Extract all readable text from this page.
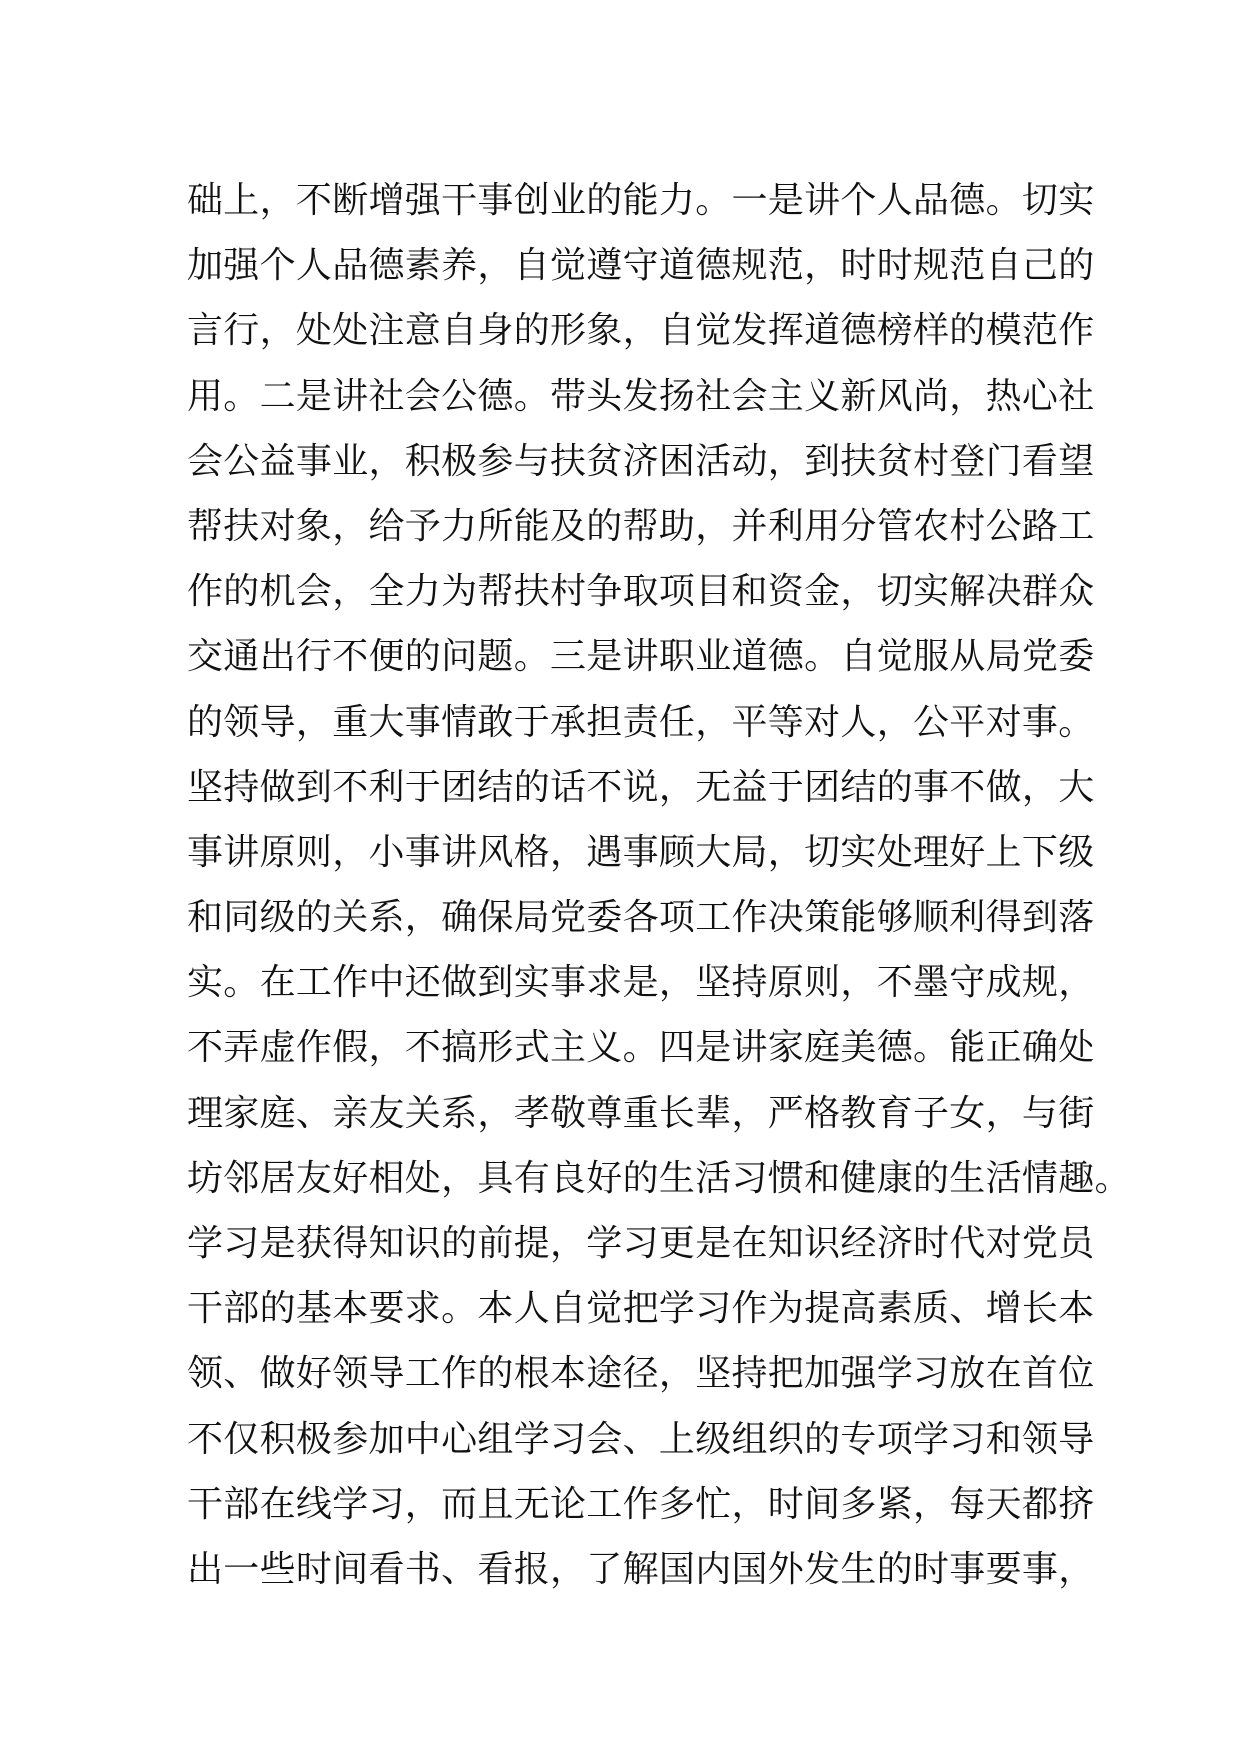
础上，不断增强干事创业的能力。一是讲个人品德。切实
加强个人品德素养，自觉遵守道德规范，时时规范自己的
言行，处处注意自身的形象，自觉发挥道德榜样的模范作
用。二是讲社会公德。带头发扬社会主义新风尚，热心社
会公益事业，积极参与扶贫济困活动，到扶贫村登门看望
帮扶对象，给予力所能及的帮助，并利用分管农村公路工
作的机会，全力为帮扶村争取项目和资金，切实解决群众
交通出行不便的问题。三是讲职业道德。自觉服从局党委
的领导，重大事情敢于承担责任，平等对人，公平对事。
坚持做到不利于团结的话不说，无益于团结的事不做，大
事讲原则，小事讲风格，遇事顾大局，切实处理好上下级
和同级的关系，确保局党委各项工作决策能够顺利得到落
实。在工作中还做到实事求是，坚持原则，不墨守成规，
不弄虚作假，不搞形式主义。四是讲家庭美德。能正确处
理家庭、亲友关系，孝敬尊重长辈，严格教育子女，与街
坊邻居友好相处，具有良好的生活习惯和健康的生活情趣。
学习是获得知识的前提，学习更是在知识经济时代对党员
干部的基本要求。本人自觉把学习作为提高素质、增长本
领、做好领导工作的根本途径，坚持把加强学习放在首位
不仅积极参加中心组学习会、上级组织的专项学习和领导
干部在线学习，而且无论工作多忙，时间多紧，每天都挤
出一些时间看书、看报，了解国内国外发生的时事要事，
